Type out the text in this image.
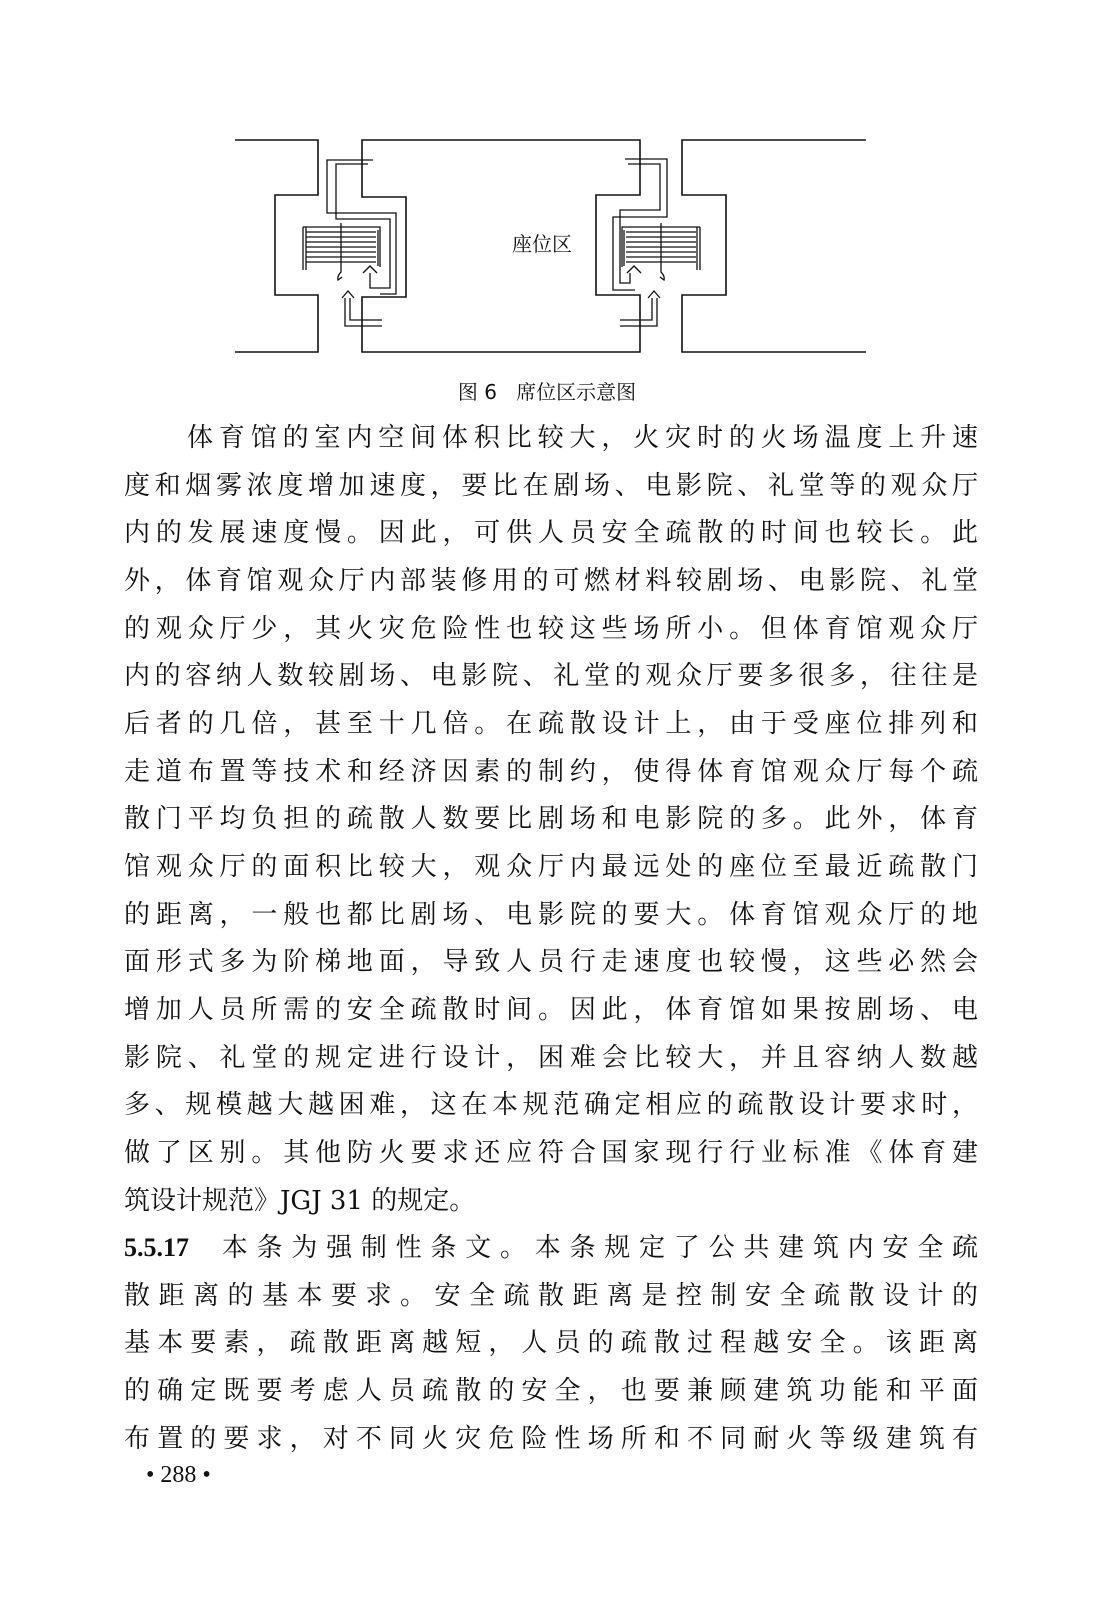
座位区
图 6   席位区示意图
体育馆的室内空间体积比较大，火灾时的火场温度上升速
度和烟雾浓度增加速度，要比在剧场、电影院、礼堂等的观众厅
内的发展速度慢。因此，可供人员安全疏散的时间也较长。此
外，体育馆观众厅内部装修用的可燃材料较剧场、电影院、礼堂
的观众厅少，其火灾危险性也较这些场所小。但体育馆观众厅
内的容纳人数较剧场、电影院、礼堂的观众厅要多很多，往往是
后者的几倍，甚至十几倍。在疏散设计上，由于受座位排列和
走道布置等技术和经济因素的制约，使得体育馆观众厅每个疏
散门平均负担的疏散人数要比剧场和电影院的多。此外，体育
馆观众厅的面积比较大，观众厅内最远处的座位至最近疏散门
的距离，一般也都比剧场、电影院的要大。体育馆观众厅的地
面形式多为阶梯地面，导致人员行走速度也较慢，这些必然会
增加人员所需的安全疏散时间。因此，体育馆如果按剧场、电
影院、礼堂的规定进行设计，困难会比较大，并且容纳人数越
多、规模越大越困难，这在本规范确定相应的疏散设计要求时，
做了区别。其他防火要求还应符合国家现行行业标准《体育建
筑设计规范》JGJ 31 的规定。
5.5.17 本条为强制性条文。本条规定了公共建筑内安全疏
散距离的基本要求。安全疏散距离是控制安全疏散设计的
基本要素，疏散距离越短，人员的疏散过程越安全。该距离
的确定既要考虑人员疏散的安全，也要兼顾建筑功能和平面
布置的要求，对不同火灾危险性场所和不同耐火等级建筑有
• 288 •
